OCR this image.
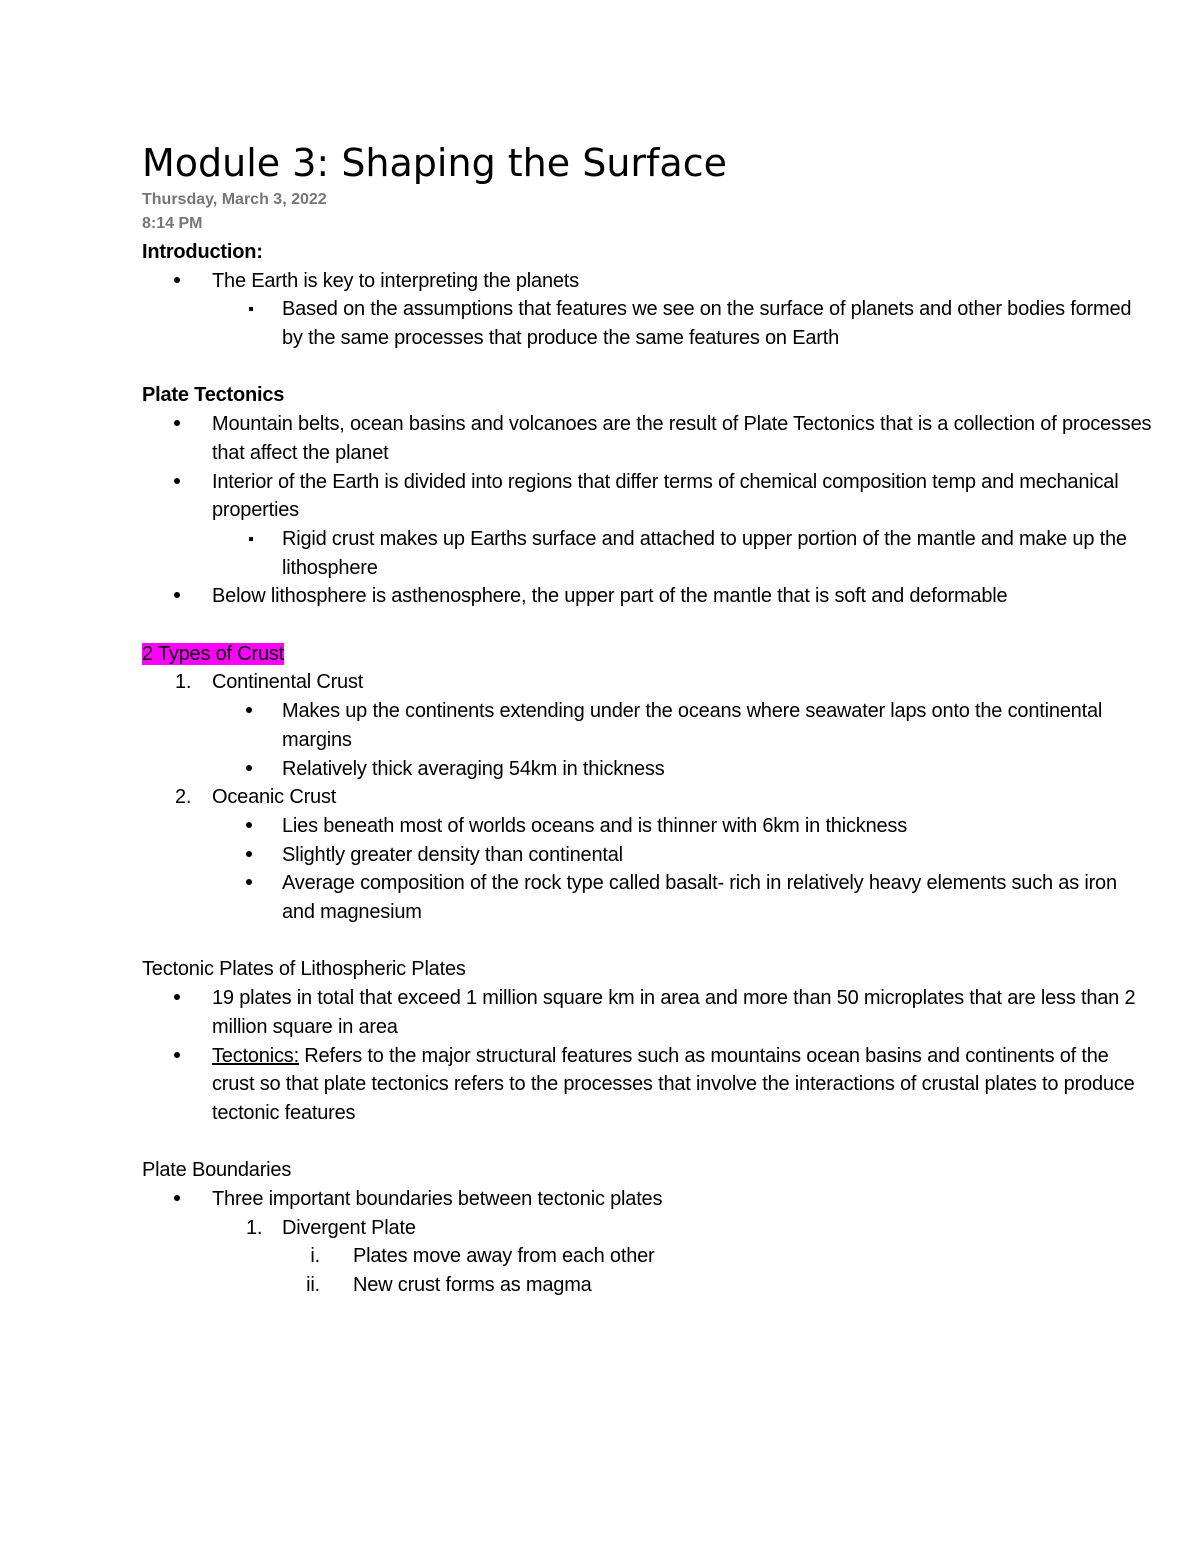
Module 3: Shaping the Surface
Thursday, March 3, 2022
8:14 PM
Introduction:
The Earth is key to interpreting the planets
Based on the assumptions that features we see on the surface of planets and other bodies formed by the same processes that produce the same features on Earth
Plate Tectonics
Mountain belts, ocean basins and volcanoes are the result of Plate Tectonics that is a collection of processes that affect the planet
Interior of the Earth is divided into regions that differ terms of chemical composition temp and mechanical properties
Rigid crust makes up Earths surface and attached to upper portion of the mantle and make up the lithosphere
Below lithosphere is asthenosphere, the upper part of the mantle that is soft and deformable
2 Types of Crust
1. Continental Crust
Makes up the continents extending under the oceans where seawater laps onto the continental margins
Relatively thick averaging 54km in thickness
2. Oceanic Crust
Lies beneath most of worlds oceans and is thinner with 6km in thickness
Slightly greater density than continental
Average composition of the rock type called basalt- rich in relatively heavy elements such as iron and magnesium
Tectonic Plates of Lithospheric Plates
19 plates in total that exceed 1 million square km in area and more than 50 microplates that are less than 2 million square in area
Tectonics: Refers to the major structural features such as mountains ocean basins and continents of the crust so that plate tectonics refers to the processes that involve the interactions of crustal plates to produce tectonic features
Plate Boundaries
Three important boundaries between tectonic plates
1. Divergent Plate
i. Plates move away from each other
ii. New crust forms as magma
